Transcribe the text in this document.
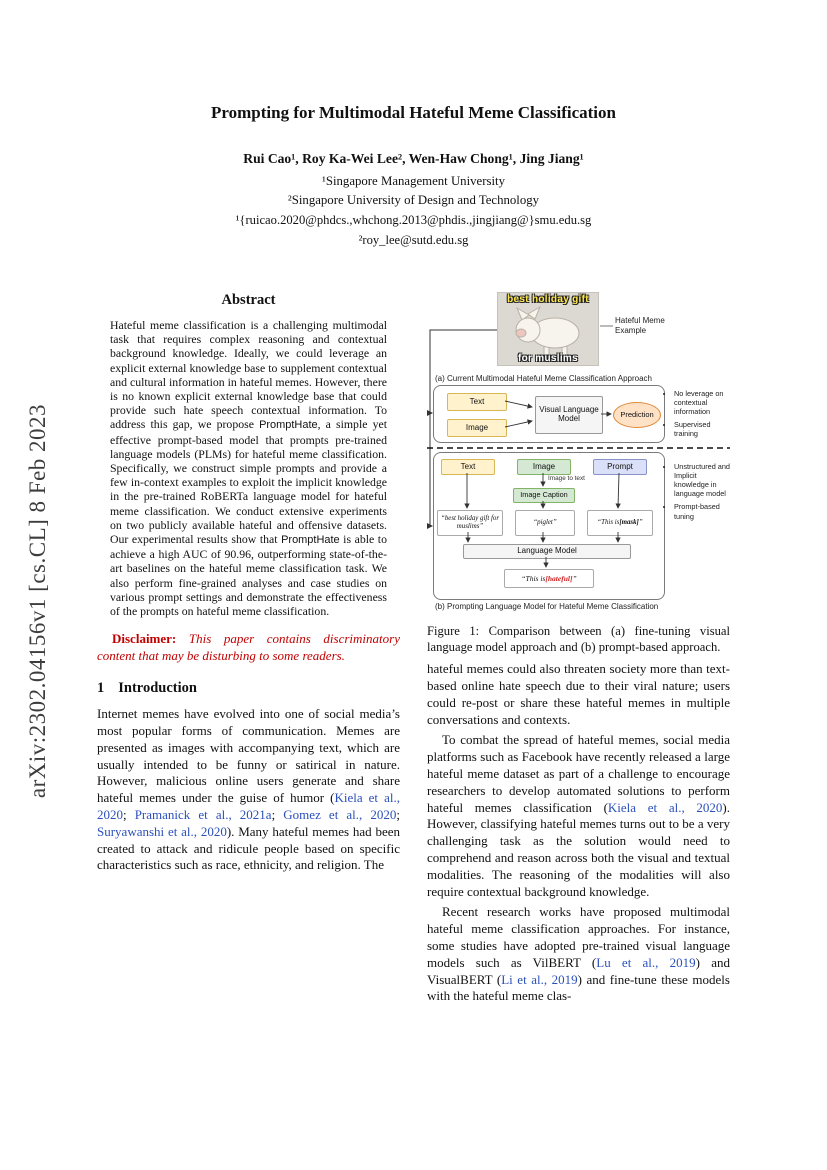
arXiv:2302.04156v1 [cs.CL] 8 Feb 2023
Prompting for Multimodal Hateful Meme Classification
Rui Cao¹, Roy Ka-Wei Lee², Wen-Haw Chong¹, Jing Jiang¹
¹Singapore Management University
²Singapore University of Design and Technology
¹{ruicao.2020@phdcs.,whchong.2013@phdis.,jingjiang@}smu.edu.sg
²roy_lee@sutd.edu.sg
Abstract
Hateful meme classification is a challenging multimodal task that requires complex reasoning and contextual background knowledge. Ideally, we could leverage an explicit external knowledge base to supplement contextual and cultural information in hateful memes. However, there is no known explicit external knowledge base that could provide such hate speech contextual information. To address this gap, we propose PromptHate, a simple yet effective prompt-based model that prompts pre-trained language models (PLMs) for hateful meme classification. Specifically, we construct simple prompts and provide a few in-context examples to exploit the implicit knowledge in the pre-trained RoBERTa language model for hateful meme classification. We conduct extensive experiments on two publicly available hateful and offensive datasets. Our experimental results show that PromptHate is able to achieve a high AUC of 90.96, outperforming state-of-the-art baselines on the hateful meme classification task. We also perform fine-grained analyses and case studies on various prompt settings and demonstrate the effectiveness of the prompts on hateful meme classification.

Disclaimer: This paper contains discriminatory content that may be disturbing to some readers.

1 Introduction

Internet memes have evolved into one of social media’s most popular forms of communication. Memes are presented as images with accompanying text, which are usually intended to be funny or satirical in nature. However, malicious online users generate and share hateful memes under the guise of humor (Kiela et al., 2020; Pramanick et al., 2021a; Gomez et al., 2020; Suryawanshi et al., 2020). Many hateful memes had been created to attack and ridicule people based on specific characteristics such as race, ethnicity, and religion. The

best holiday gift
for muslims
Hateful Meme Example
(a) Current Multimodal Hateful Meme Classification Approach
Text
Image
Visual Language Model	Prediction
• No leverage on contextual information
• Supervised training
Text	Image	Prompt
Image to text
Image Caption
“best holiday gift for muslims”
“piglet”	“This is [mask] ”
Language Model
“This is [hateful] ”
• Unstructured and Implicit knowledge in language model
• Prompt-based tuning
(b) Prompting Language Model for Hateful Meme Classification

Figure 1: Comparison between (a) fine-tuning visual language model approach and (b) prompt-based approach.

hateful memes could also threaten society more than text-based online hate speech due to their viral nature; users could re-post or share these hateful memes in multiple conversations and contexts.

To combat the spread of hateful memes, social media platforms such as Facebook have recently released a large hateful meme dataset as part of a challenge to encourage researchers to develop automated solutions to perform hateful memes classification (Kiela et al., 2020). However, classifying hateful memes turns out to be a very challenging task as the solution would need to comprehend and reason across both the visual and textual modalities. The reasoning of the modalities will also require contextual background knowledge.

Recent research works have proposed multimodal hateful meme classification approaches. For instance, some studies have adopted pre-trained visual language models such as VilBERT (Lu et al., 2019) and VisualBERT (Li et al., 2019) and fine-tune these models with the hateful meme clas-
